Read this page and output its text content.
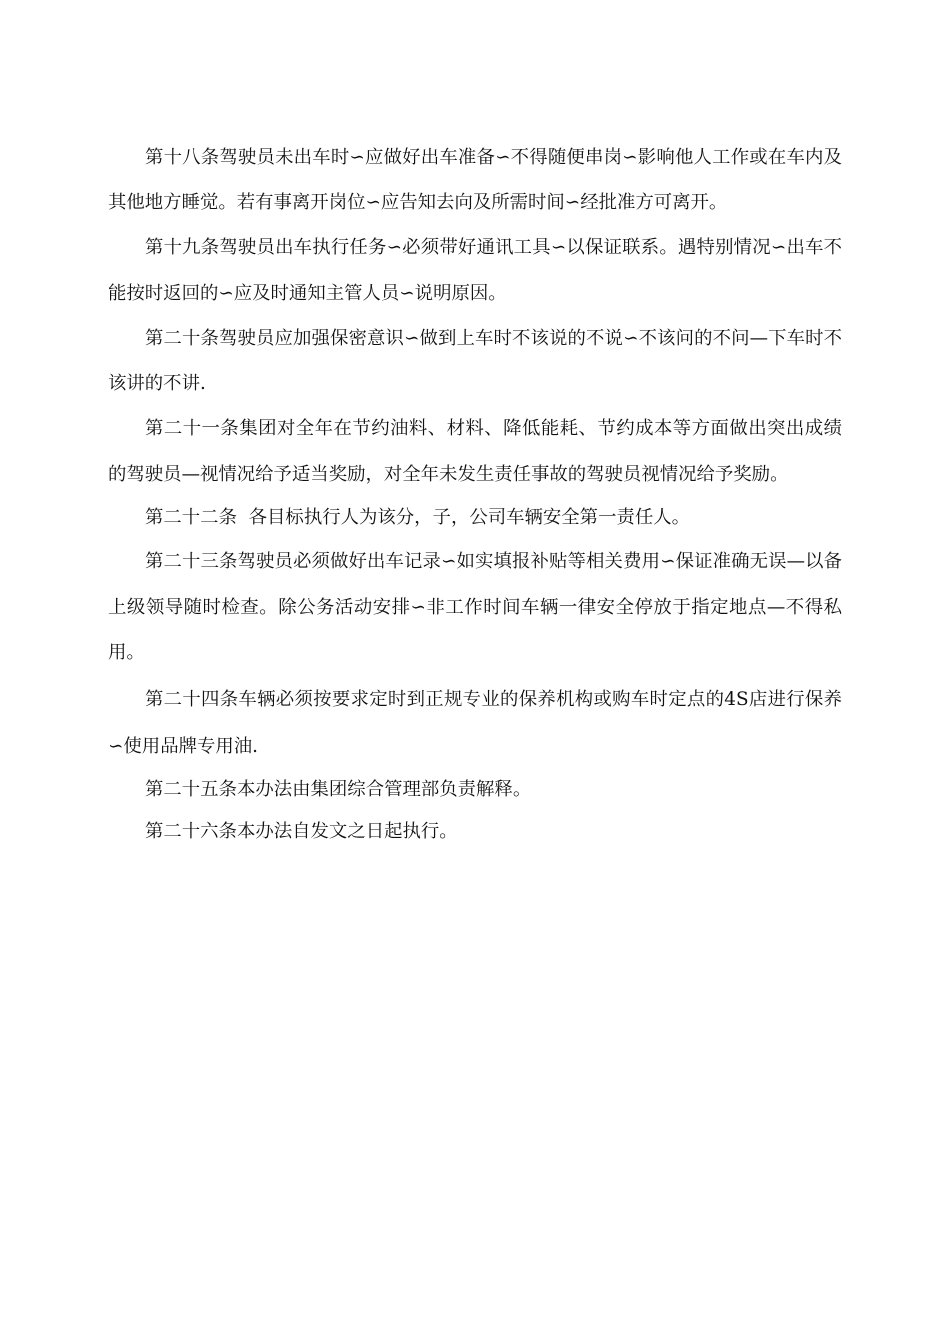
第十八条驾驶员未出车时∽应做好出车准备∽不得随便串岗∽影响他人工作或在车内及其他地方睡觉。若有事离开岗位∽应告知去向及所需时间∽经批准方可离开。

第十九条驾驶员出车执行任务∽必须带好通讯工具∽以保证联系。遇特别情况∽出车不能按时返回的∽应及时通知主管人员∽说明原因。

第二十条驾驶员应加强保密意识∽做到上车时不该说的不说∽不该问的不问—下车时不该讲的不讲.

第二十一条集团对全年在节约油料、材料、降低能耗、节约成本等方面做出突出成绩的驾驶员—视情况给予适当奖励，对全年未发生责任事故的驾驶员视情况给予奖励。

第二十二条  各目标执行人为该分，子，公司车辆安全第一责任人。

第二十三条驾驶员必须做好出车记录∽如实填报补贴等相关费用∽保证准确无误—以备上级领导随时检查。除公务活动安排∽非工作时间车辆一律安全停放于指定地点—不得私用。

第二十四条车辆必须按要求定时到正规专业的保养机构或购车时定点的4S店进行保养∽使用品牌专用油.

第二十五条本办法由集团综合管理部负责解释。

第二十六条本办法自发文之日起执行。
